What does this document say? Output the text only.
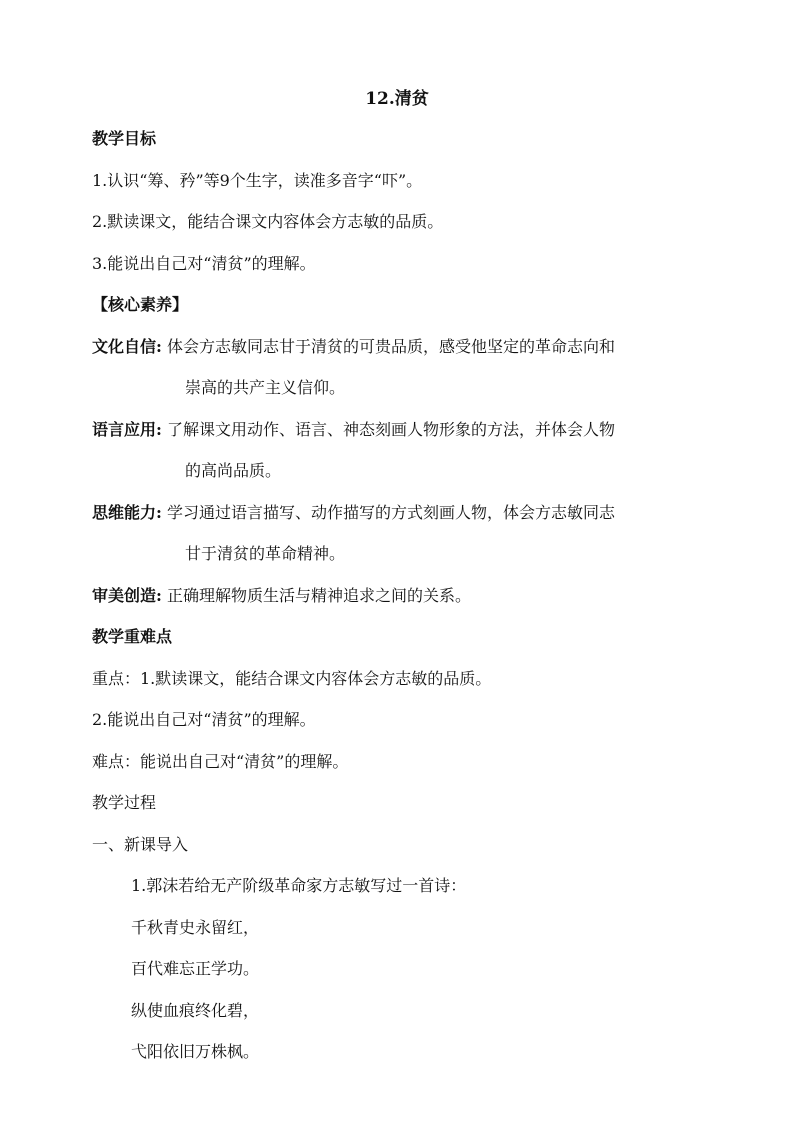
12.清贫
教学目标
1.认识“筹、矜”等9个生字，读准多音字“吓”。
2.默读课文，能结合课文内容体会方志敏的品质。
3.能说出自己对“清贫”的理解。
【核心素养】
文化自信: 体会方志敏同志甘于清贫的可贵品质，感受他坚定的革命志向和
崇高的共产主义信仰。
语言应用: 了解课文用动作、语言、神态刻画人物形象的方法，并体会人物
的高尚品质。
思维能力: 学习通过语言描写、动作描写的方式刻画人物，体会方志敏同志
甘于清贫的革命精神。
审美创造: 正确理解物质生活与精神追求之间的关系。
教学重难点
重点：1.默读课文，能结合课文内容体会方志敏的品质。
2.能说出自己对“清贫”的理解。
难点：能说出自己对“清贫”的理解。
教学过程
一、新课导入
1.郭沫若给无产阶级革命家方志敏写过一首诗：
千秋青史永留红，
百代难忘正学功。
纵使血痕终化碧，
弋阳依旧万株枫。
